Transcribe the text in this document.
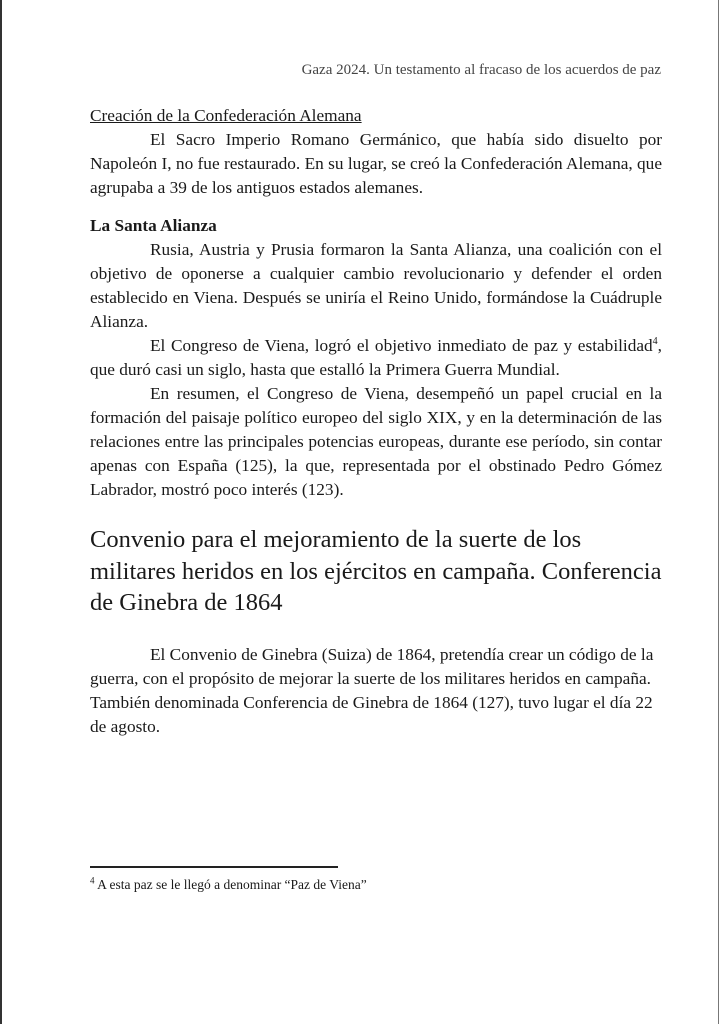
Gaza 2024. Un testamento al fracaso de los acuerdos de paz

Creación de la Confederación Alemana

El Sacro Imperio Romano Germánico, que había sido disuelto por Napoleón I, no fue restaurado. En su lugar, se creó la Confederación Alemana, que agrupaba a 39 de los antiguos estados alemanes.

La Santa Alianza

Rusia, Austria y Prusia formaron la Santa Alianza, una coalición con el objetivo de oponerse a cualquier cambio revolucionario y defender el orden establecido en Viena. Después se uniría el Reino Unido, formándose la Cuádruple Alianza.

El Congreso de Viena, logró el objetivo inmediato de paz y estabilidad$^4$, que duró casi un siglo, hasta que estalló la Primera Guerra Mundial.

En resumen, el Congreso de Viena, desempeñó un papel crucial en la formación del paisaje político europeo del siglo XIX, y en la determinación de las relaciones entre las principales potencias europeas, durante ese período, sin contar apenas con España (125), la que, representada por el obstinado Pedro Gómez Labrador, mostró poco interés (123).

Convenio para el mejoramiento de la suerte de los militares heridos en los ejércitos en campaña. Conferencia de Ginebra de 1864

El Convenio de Ginebra (Suiza) de 1864, pretendía crear un código de la guerra, con el propósito de mejorar la suerte de los militares heridos en campaña. También denominada Conferencia de Ginebra de 1864 (127), tuvo lugar el día 22 de agosto.

$^4$ A esta paz se le llegó a denominar “Paz de Viena”
